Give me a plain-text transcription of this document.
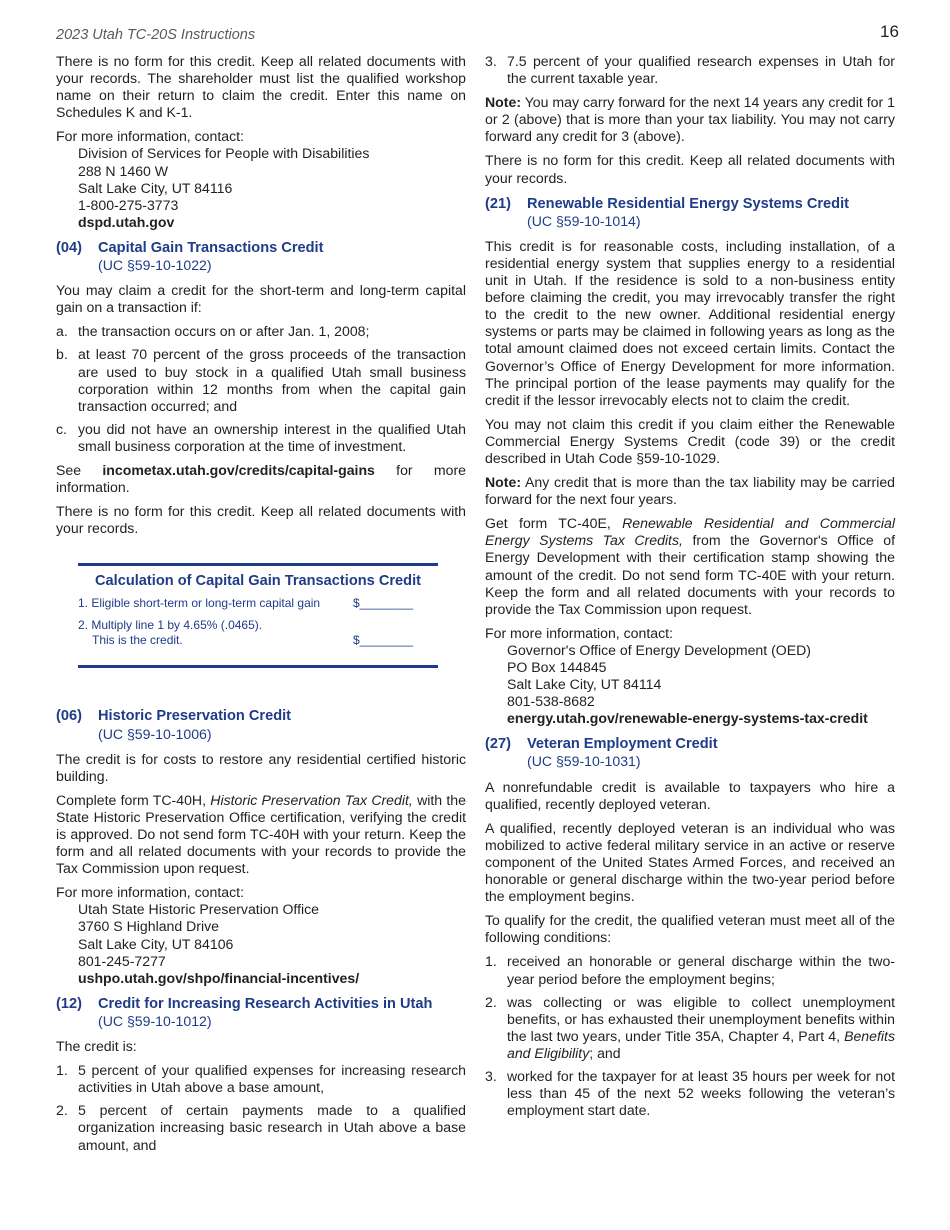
2023 Utah TC-20S Instructions	16

There is no form for this credit. Keep all related documents with your records. The shareholder must list the qualified workshop name on their return to claim the credit. Enter this name on Schedules K and K-1.

For more information, contact:
Division of Services for People with Disabilities
288 N 1460 W
Salt Lake City, UT 84116
1-800-275-3773
dspd.utah.gov
(04)	Capital Gain Transactions Credit
(UC §59-10-1022)

You may claim a credit for the short-term and long-term capital gain on a transaction if:

a. the transaction occurs on or after Jan. 1, 2008;
b. at least 70 percent of the gross proceeds of the transaction are used to buy stock in a qualified Utah small business corporation within 12 months from when the capital gain transaction occurred; and
c. you did not have an ownership interest in the qualified Utah small business corporation at the time of investment.

See incometax.utah.gov/credits/capital-gains for more information.

There is no form for this credit. Keep all related documents with your records.

Calculation of Capital Gain Transactions Credit
1. Eligible short-term or long-term capital gain	$________
2. Multiply line 1 by 4.65% (.0465).
This is the credit.	$________
(06)	Historic Preservation Credit
(UC §59-10-1006)

The credit is for costs to restore any residential certified historic building.

Complete form TC-40H, Historic Preservation Tax Credit, with the State Historic Preservation Office certification, verifying the credit is approved. Do not send form TC-40H with your return. Keep the form and all related documents with your records to provide the Tax Commission upon request.

For more information, contact:
Utah State Historic Preservation Office
3760 S Highland Drive
Salt Lake City, UT 84106
801-245-7277
ushpo.utah.gov/shpo/financial-incentives/
(12)	Credit for Increasing Research Activities in Utah
(UC §59-10-1012)

The credit is:

1. 5 percent of your qualified expenses for increasing research activities in Utah above a base amount,
2. 5 percent of certain payments made to a qualified organization increasing basic research in Utah above a base amount, and
3. 7.5 percent of your qualified research expenses in Utah for the current taxable year.

Note: You may carry forward for the next 14 years any credit for 1 or 2 (above) that is more than your tax liability. You may not carry forward any credit for 3 (above).

There is no form for this credit. Keep all related documents with your records.

(21)	Renewable Residential Energy Systems Credit
(UC §59-10-1014)

This credit is for reasonable costs, including installation, of a residential energy system that supplies energy to a residential unit in Utah. If the residence is sold to a non-business entity before claiming the credit, you may irrevocably transfer the right to the credit to the new owner. Additional residential energy systems or parts may be claimed in following years as long as the total amount claimed does not exceed certain limits. Contact the Governor’s Office of Energy Development for more information. The principal portion of the lease payments may qualify for the credit if the lessor irrevocably elects not to claim the credit.

You may not claim this credit if you claim either the Renewable Commercial Energy Systems Credit (code 39) or the credit described in Utah Code §59-10-1029.

Note: Any credit that is more than the tax liability may be carried forward for the next four years.

Get form TC-40E, Renewable Residential and Commercial Energy Systems Tax Credits, from the Governor's Office of Energy Development with their certification stamp showing the amount of the credit. Do not send form TC-40E with your return. Keep the form and all related documents with your records to provide the Tax Commission upon request.

For more information, contact:
Governor's Office of Energy Development (OED)
PO Box 144845
Salt Lake City, UT 84114
801-538-8682
energy.utah.gov/renewable-energy-systems-tax-credit
(27)	Veteran Employment Credit
(UC §59-10-1031)

A nonrefundable credit is available to taxpayers who hire a qualified, recently deployed veteran.

A qualified, recently deployed veteran is an individual who was mobilized to active federal military service in an active or reserve component of the United States Armed Forces, and received an honorable or general discharge within the two-year period before the employment begins.

To qualify for the credit, the qualified veteran must meet all of the following conditions:

1. received an honorable or general discharge within the two-year period before the employment begins;
2. was collecting or was eligible to collect unemployment benefits, or has exhausted their unemployment benefits within the last two years, under Title 35A, Chapter 4, Part 4, Benefits and Eligibility; and
3. worked for the taxpayer for at least 35 hours per week for not less than 45 of the next 52 weeks following the veteran’s employment start date.
